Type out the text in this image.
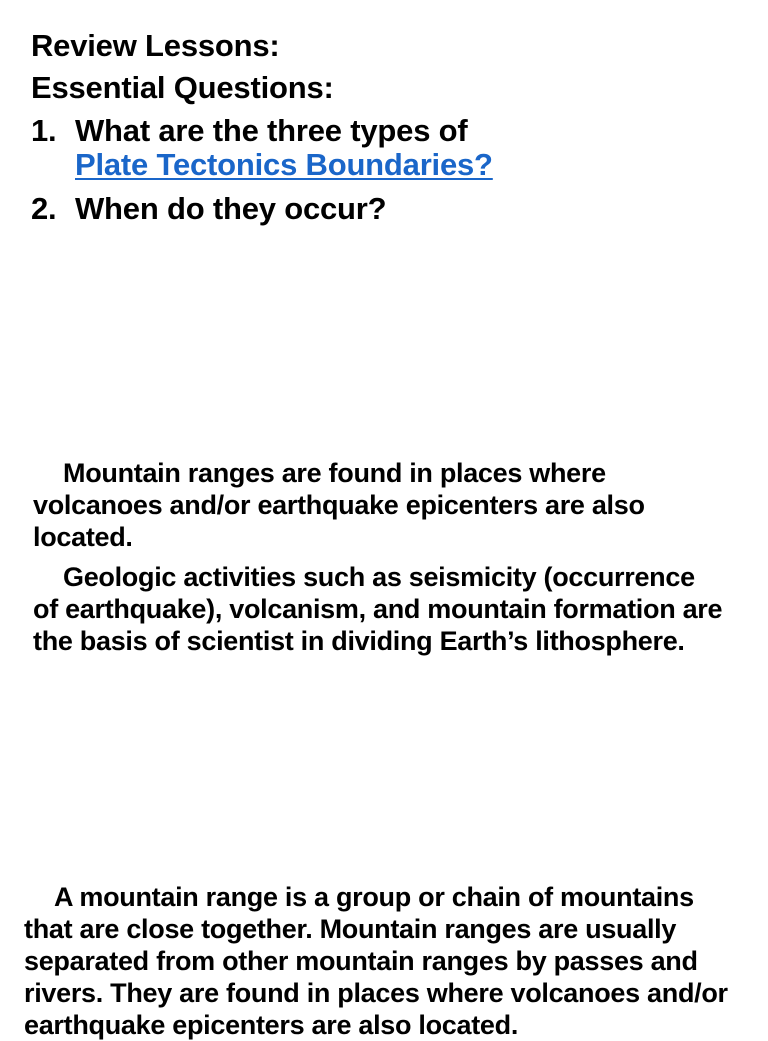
Review Lessons:
Essential Questions:
1. What are the three types of
Plate Tectonics Boundaries?
2. When do they occur?
Mountain ranges are found in places where volcanoes and/or earthquake epicenters are also located.
Geologic activities such as seismicity (occurrence of earthquake), volcanism, and mountain formation are the basis of scientist in dividing Earth’s lithosphere.
A mountain range is a group or chain of mountains that are close together. Mountain ranges are usually separated from other mountain ranges by passes and rivers. They are found in places where volcanoes and/or earthquake epicenters are also located.
